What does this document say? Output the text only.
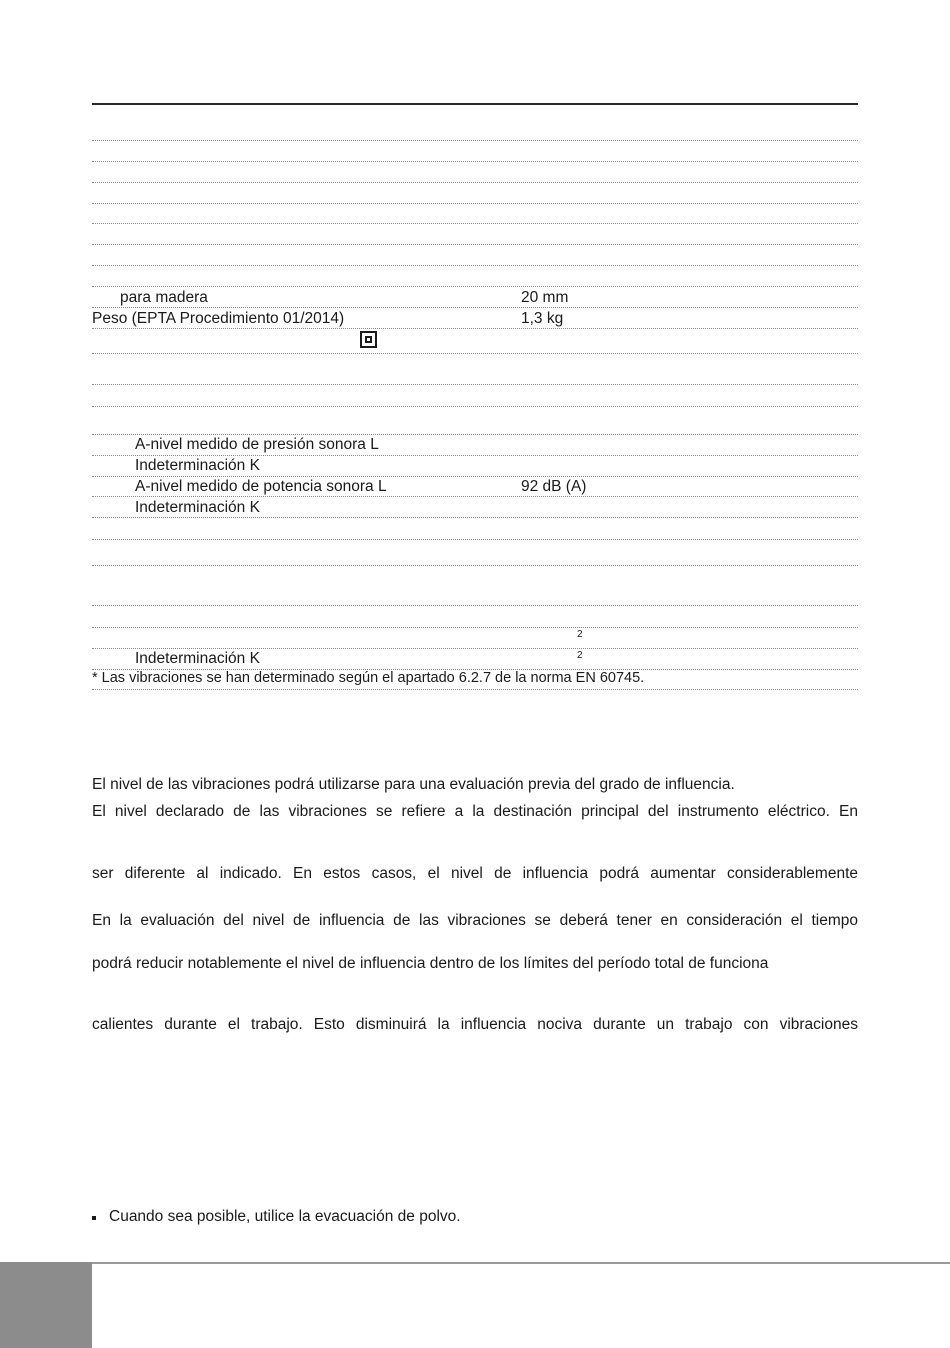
para madera	20 mm
Peso (EPTA Procedimiento 01/2014)	1,3 kg
A-nivel medido de presión sonora L
Indeterminación K
A-nivel medido de potencia sonora L	92 dB (A)
Indeterminación K
2
Indeterminación K	2
* Las vibraciones se han determinado según el apartado 6.2.7 de la norma EN 60745.
El nivel de las vibraciones podrá utilizarse para una evaluación previa del grado de influencia.
El nivel declarado de las vibraciones se refiere a la destinación principal del instrumento eléctrico. En
ser diferente al indicado. En estos casos, el nivel de influencia podrá aumentar considerablemente
En la evaluación del nivel de influencia de las vibraciones se deberá tener en consideración el tiempo
podrá reducir notablemente el nivel de influencia dentro de los límites del período total de funciona
calientes durante el trabajo. Esto disminuirá la influencia nociva durante un trabajo con vibraciones
Cuando sea posible, utilice la evacuación de polvo.
